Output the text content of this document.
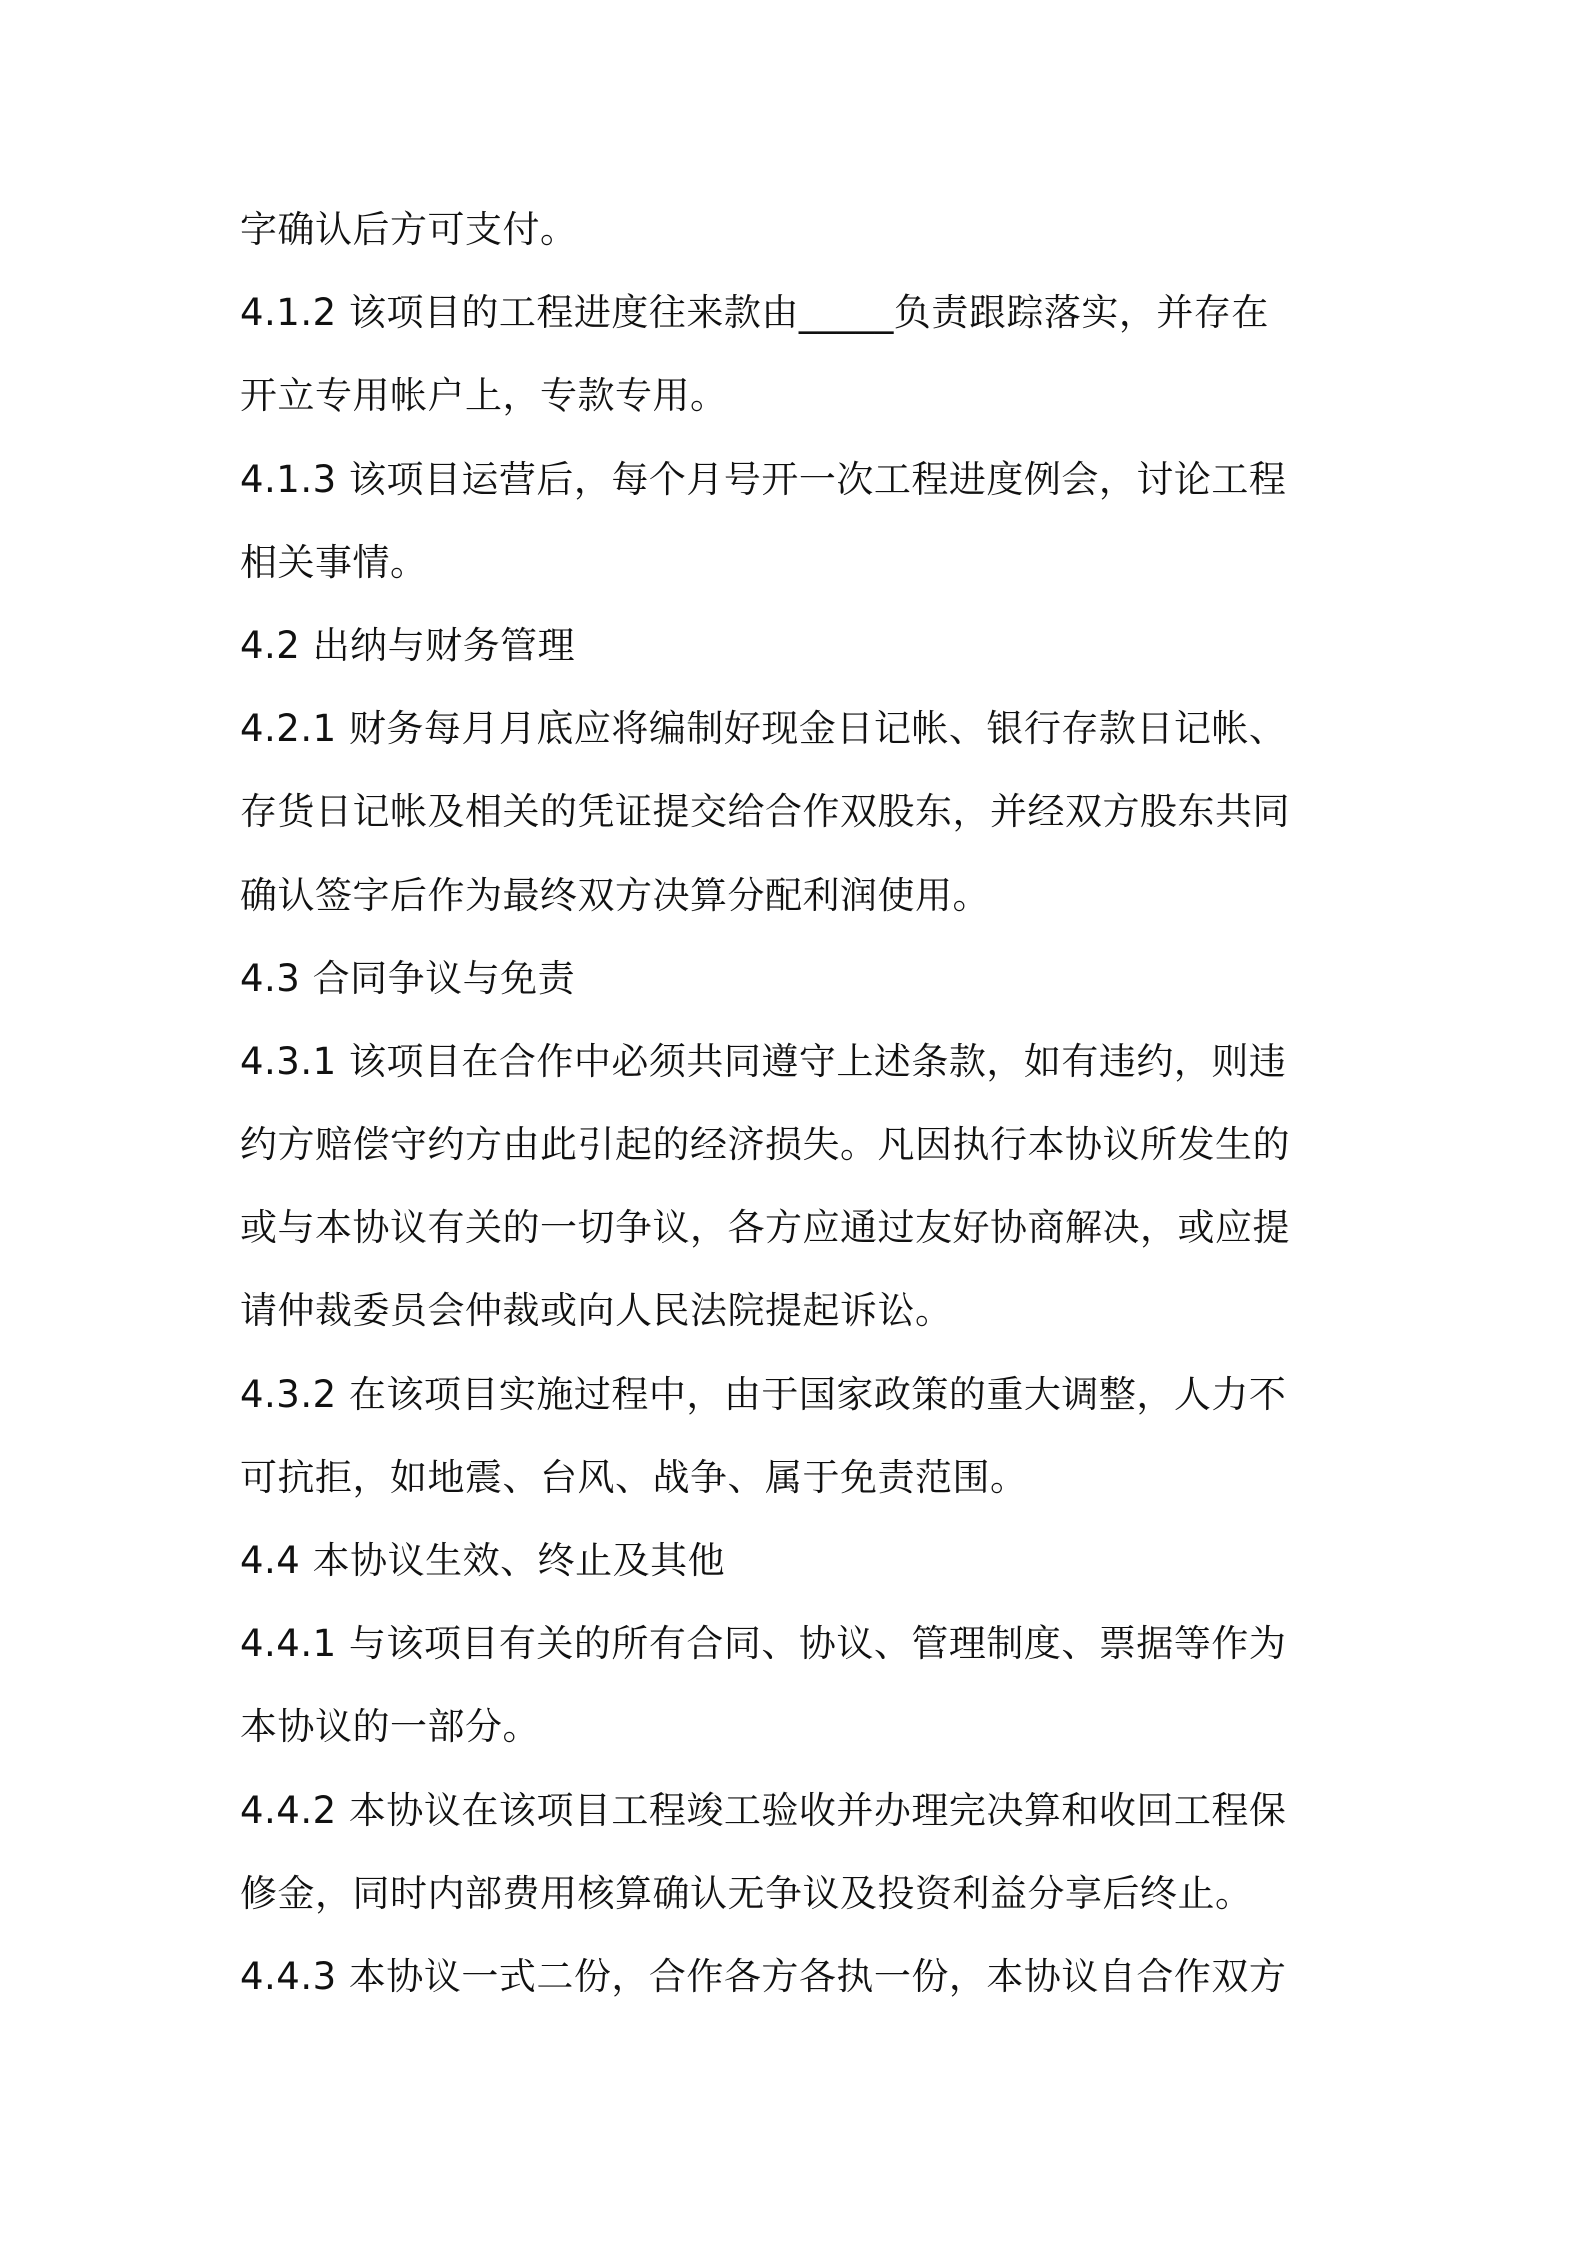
字确认后方可支付。
4.1.2 该项目的工程进度往来款由_____负责跟踪落实，并存在
开立专用帐户上，专款专用。
4.1.3 该项目运营后，每个月号开一次工程进度例会，讨论工程
相关事情。
4.2 出纳与财务管理
4.2.1 财务每月月底应将编制好现金日记帐、银行存款日记帐、
存货日记帐及相关的凭证提交给合作双股东，并经双方股东共同
确认签字后作为最终双方决算分配利润使用。
4.3 合同争议与免责
4.3.1 该项目在合作中必须共同遵守上述条款，如有违约，则违
约方赔偿守约方由此引起的经济损失。凡因执行本协议所发生的
或与本协议有关的一切争议，各方应通过友好协商解决，或应提
请仲裁委员会仲裁或向人民法院提起诉讼。
4.3.2 在该项目实施过程中，由于国家政策的重大调整，人力不
可抗拒，如地震、台风、战争、属于免责范围。
4.4 本协议生效、终止及其他
4.4.1 与该项目有关的所有合同、协议、管理制度、票据等作为
本协议的一部分。
4.4.2 本协议在该项目工程竣工验收并办理完决算和收回工程保
修金，同时内部费用核算确认无争议及投资利益分享后终止。
4.4.3 本协议一式二份，合作各方各执一份，本协议自合作双方
